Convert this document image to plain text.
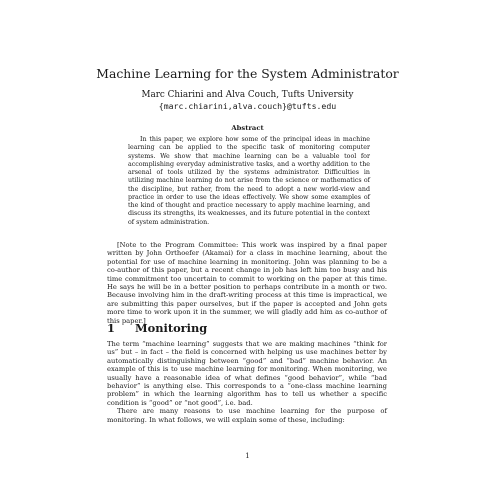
Machine Learning for the System Administrator
Marc Chiarini and Alva Couch, Tufts University
{marc.chiarini,alva.couch}@tufts.edu
Abstract

In this paper, we explore how some of the principal ideas in machine learning can be applied to the specific task of monitoring computer systems. We show that machine learning can be a valuable tool for accomplishing everyday administrative tasks, and a worthy addition to the arsenal of tools utilized by the systems administrator. Difficulties in utilizing machine learning do not arise from the science or mathematics of the discipline, but rather, from the need to adopt a new world-view and practice in order to use the ideas effectively. We show some examples of the kind of thought and practice necessary to apply machine learning, and discuss its strengths, its weaknesses, and its future potential in the context of system administration.

[Note to the Program Committee: This work was inspired by a final paper written by John Orthoefer (Akamai) for a class in machine learning, about the potential for use of machine learning in monitoring. John was planning to be a co-author of this paper, but a recent change in job has left him too busy and his time commitment too uncertain to commit to working on the paper at this time. He says he will be in a better position to perhaps contribute in a month or two. Because involving him in the draft-writing process at this time is impractical, we are submitting this paper ourselves, but if the paper is accepted and John gets more time to work upon it in the summer, we will gladly add him as co-author of this paper.]

1 Monitoring

The term “machine learning” suggests that we are making machines “think for us” but – in fact – the field is concerned with helping us use machines better by automatically distinguishing between “good” and “bad” machine behavior. An example of this is to use machine learning for monitoring. When monitoring, we usually have a reasonable idea of what defines “good behavior”, while “bad behavior” is anything else. This corresponds to a “one-class machine learning problem” in which the learning algorithm has to tell us whether a specific condition is “good” or “not good”, i.e. bad.

There are many reasons to use machine learning for the purpose of monitoring. In what follows, we will explain some of these, including:

1
